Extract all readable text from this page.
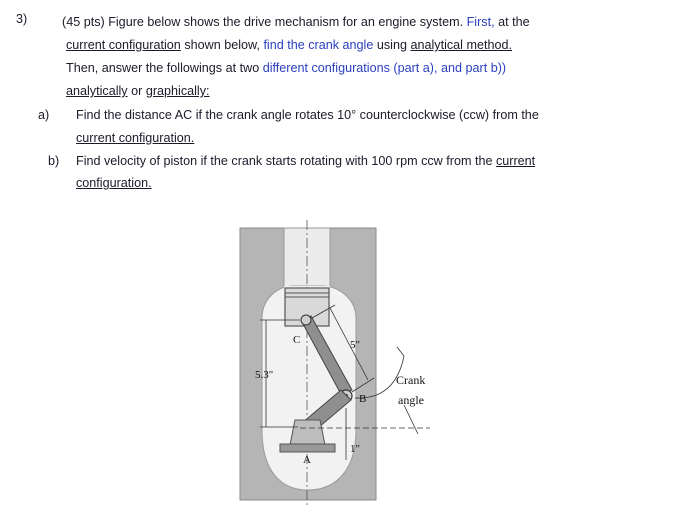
3)	(45 pts) Figure below shows the drive mechanism for an engine system. First, at the
current configuration shown below, find the crank angle using analytical method.
Then, answer the followings at two different configurations (part a), and part b))
analytically or graphically:
a) Find the distance AC if the crank angle rotates 10° counterclockwise (ccw) from the
current configuration.
b) Find velocity of piston if the crank starts rotating with 100 rpm ccw from the current
configuration.
5.3"
5"
Crank
angle
1"
C
B
A
